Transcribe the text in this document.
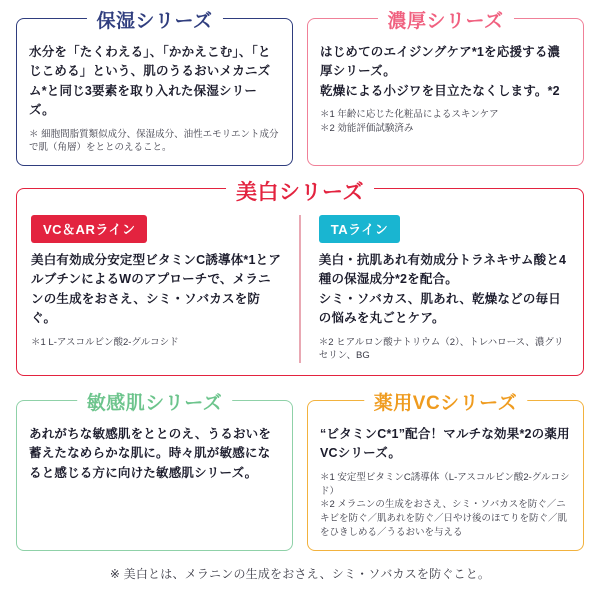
保湿シリーズ
水分を「たくわえる」、「かかえこむ」、「とじこめる」という、肌のうるおいメカニズム*と同じ3要素を取り入れた保湿シリーズ。
＊ 細胞間脂質類似成分、保湿成分、油性エモリエント成分で肌（角層）をととのえること。
濃厚シリーズ
はじめてのエイジングケア*1を応援する濃厚シリーズ。
乾燥による小ジワを目立たなくします。*2
＊1 年齢に応じた化粧品によるスキンケア
＊2 効能評価試験済み
美白シリーズ
VC＆ARライン
美白有効成分安定型ビタミンC誘導体*1とアルブチンによるWのアプローチで、メラニンの生成をおさえ、シミ・ソバカスを防ぐ。
＊1 L-アスコルビン酸2-グルコシド
TAライン
美白・抗肌あれ有効成分トラネキサム酸と4種の保湿成分*2を配合。
シミ・ソバカス、肌あれ、乾燥などの毎日の悩みを丸ごとケア。
＊2 ヒアルロン酸ナトリウム（2）、トレハロース、濃グリセリン、BG
敏感肌シリーズ
あれがちな敏感肌をととのえ、うるおいを蓄えたなめらかな肌に。時々肌が敏感になると感じる方に向けた敏感肌シリーズ。
薬用VCシリーズ
“ビタミンC*1”配合！マルチな効果*2の薬用VCシリーズ。
＊1 安定型ビタミンC誘導体（L-アスコルビン酸2-グルコシド）
＊2 メラニンの生成をおさえ、シミ・ソバカスを防ぐ／ニキビを防ぐ／肌あれを防ぐ／日やけ後のほてりを防ぐ／肌をひきしめる／うるおいを与える
※ 美白とは、メラニンの生成をおさえ、シミ・ソバカスを防ぐこと。
